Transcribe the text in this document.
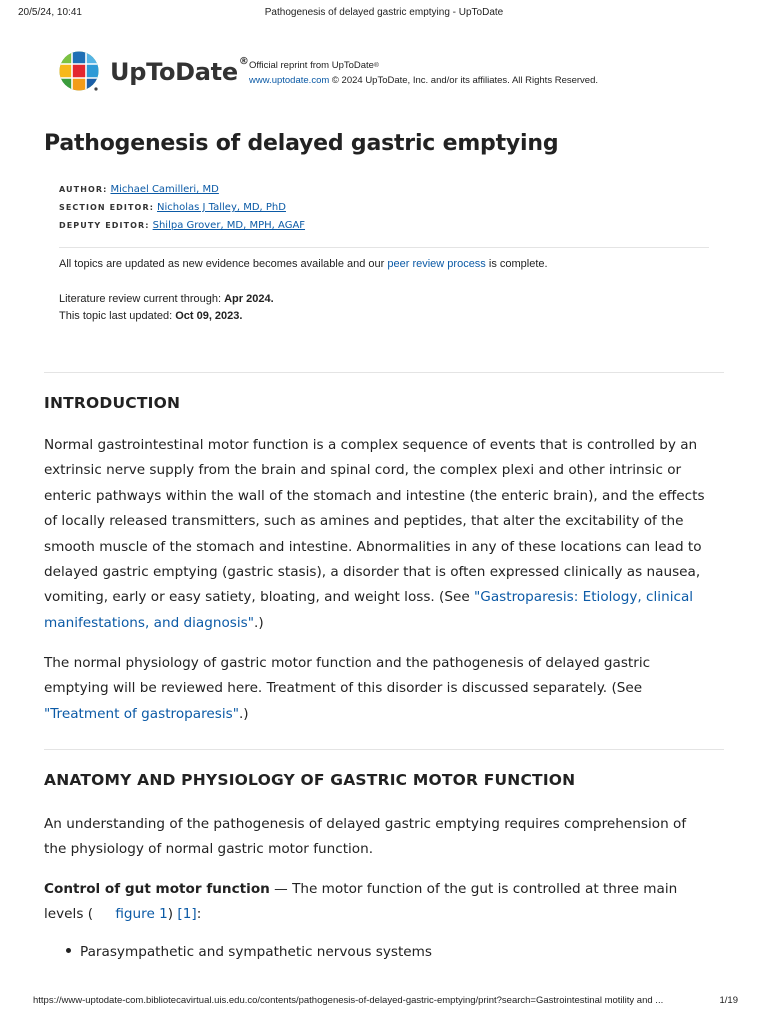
20/5/24, 10:41	Pathogenesis of delayed gastric emptying - UpToDate
UpToDate® Official reprint from UpToDate®
www.uptodate.com © 2024 UpToDate, Inc. and/or its affiliates. All Rights Reserved.
Pathogenesis of delayed gastric emptying
AUTHOR: Michael Camilleri, MD
SECTION EDITOR: Nicholas J Talley, MD, PhD
DEPUTY EDITOR: Shilpa Grover, MD, MPH, AGAF
All topics are updated as new evidence becomes available and our peer review process is complete.
Literature review current through: Apr 2024.
This topic last updated: Oct 09, 2023.
INTRODUCTION
Normal gastrointestinal motor function is a complex sequence of events that is controlled by an
extrinsic nerve supply from the brain and spinal cord, the complex plexi and other intrinsic or
enteric pathways within the wall of the stomach and intestine (the enteric brain), and the effects
of locally released transmitters, such as amines and peptides, that alter the excitability of the
smooth muscle of the stomach and intestine. Abnormalities in any of these locations can lead to
delayed gastric emptying (gastric stasis), a disorder that is often expressed clinically as nausea,
vomiting, early or easy satiety, bloating, and weight loss. (See "Gastroparesis: Etiology, clinical
manifestations, and diagnosis".)
The normal physiology of gastric motor function and the pathogenesis of delayed gastric
emptying will be reviewed here. Treatment of this disorder is discussed separately. (See
"Treatment of gastroparesis".)
ANATOMY AND PHYSIOLOGY OF GASTRIC MOTOR FUNCTION
An understanding of the pathogenesis of delayed gastric emptying requires comprehension of
the physiology of normal gastric motor function.
Control of gut motor function — The motor function of the gut is controlled at three main
levels ( figure 1) [1]:
Parasympathetic and sympathetic nervous systems
https://www-uptodate-com.bibliotecavirtual.uis.edu.co/contents/pathogenesis-of-delayed-gastric-emptying/print?search=Gastrointestinal motility and ...	1/19
